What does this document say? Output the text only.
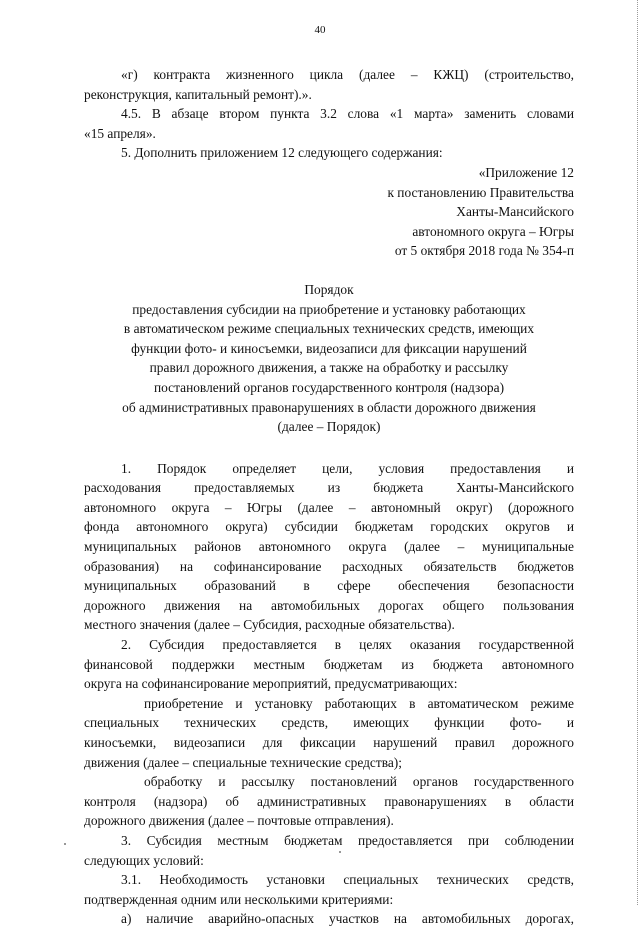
40

«г) контракта жизненного цикла (далее – КЖЦ) (строительство,

реконструкция, капитальный ремонт).».

4.5. В абзаце втором пункта 3.2 слова «1 марта» заменить словами

«15 апреля».

5. Дополнить приложением 12 следующего содержания:

«Приложение 12

к постановлению Правительства

Ханты-Мансийского

автономного округа – Югры

от 5 октября 2018 года № 354-п

Порядок

предоставления субсидии на приобретение и установку работающих

в автоматическом режиме специальных технических средств, имеющих

функции фото- и киносъемки, видеозаписи для фиксации нарушений

правил дорожного движения, а также на обработку и рассылку

постановлений органов государственного контроля (надзора)

об административных правонарушениях в области дорожного движения

(далее – Порядок)

1. Порядок определяет цели, условия предоставления и

расходования предоставляемых из бюджета Ханты-Мансийского

автономного округа – Югры (далее – автономный округ) (дорожного

фонда автономного округа) субсидии бюджетам городских округов и

муниципальных районов автономного округа (далее – муниципальные

образования) на софинансирование расходных обязательств бюджетов

муниципальных образований в сфере обеспечения безопасности

дорожного движения на автомобильных дорогах общего пользования

местного значения (далее – Субсидия, расходные обязательства).

2. Субсидия предоставляется в целях оказания государственной

финансовой поддержки местным бюджетам из бюджета автономного

округа на софинансирование мероприятий, предусматривающих:

приобретение и установку работающих в автоматическом режиме

специальных технических средств, имеющих функции фото- и

киносъемки, видеозаписи для фиксации нарушений правил дорожного

движения (далее – специальные технические средства);

обработку и рассылку постановлений органов государственного

контроля (надзора) об административных правонарушениях в области

дорожного движения (далее – почтовые отправления).

3. Субсидия местным бюджетам предоставляется при соблюдении

следующих условий:

3.1. Необходимость установки специальных технических средств,

подтвержденная одним или несколькими критериями:

а) наличие аварийно-опасных участков на автомобильных дорогах,
